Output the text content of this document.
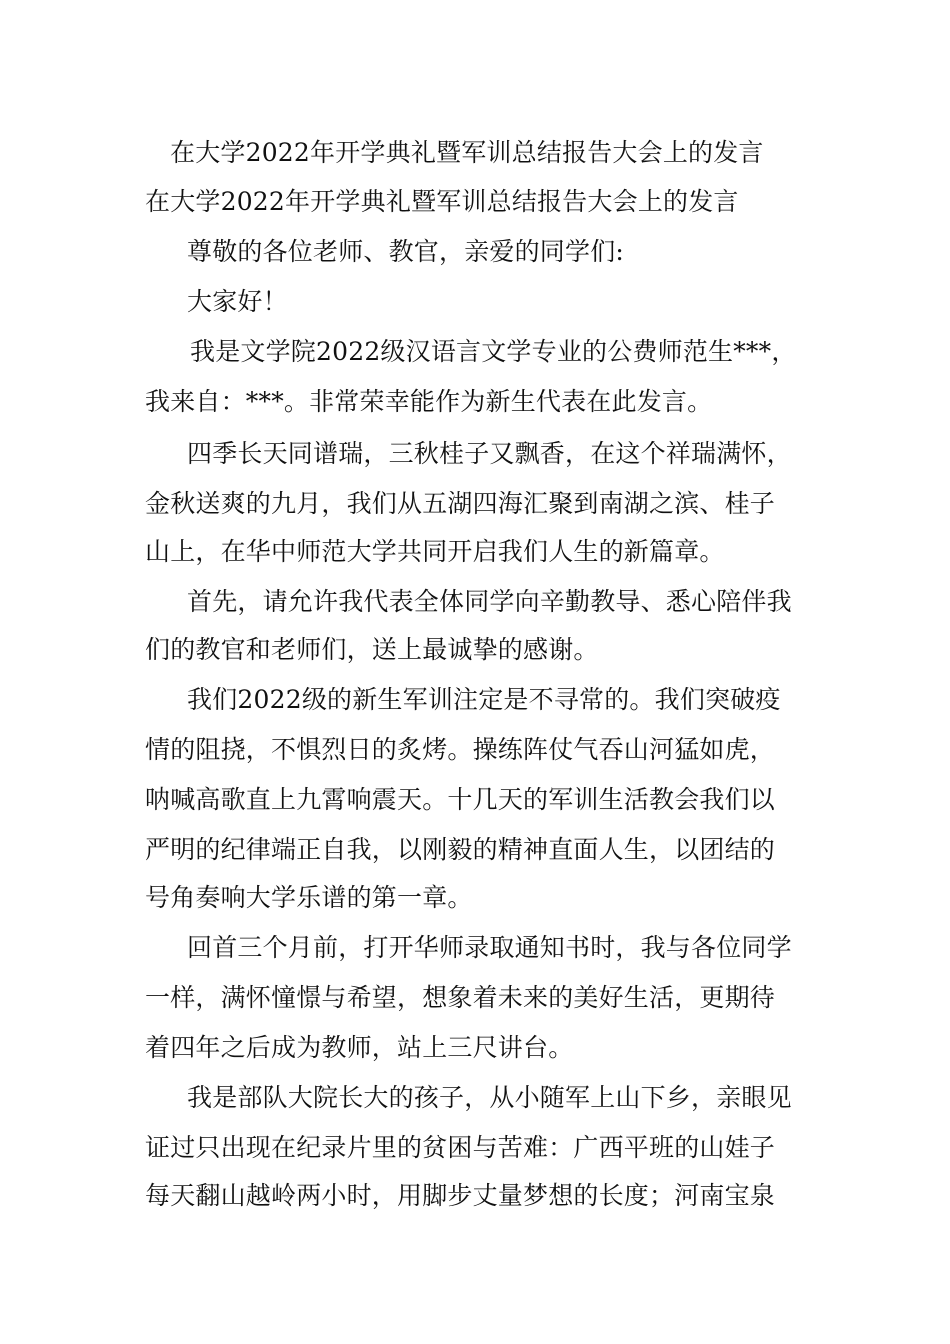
在大学2022年开学典礼暨军训总结报告大会上的发言
在大学2022年开学典礼暨军训总结报告大会上的发言
尊敬的各位老师、教官，亲爱的同学们:
大家好！
我是文学院2022级汉语言文学专业的公费师范生***，
我来自：***。非常荣幸能作为新生代表在此发言。
四季长天同谱瑞，三秋桂子又飘香，在这个祥瑞满怀，
金秋送爽的九月，我们从五湖四海汇聚到南湖之滨、桂子
山上，在华中师范大学共同开启我们人生的新篇章。
首先，请允许我代表全体同学向辛勤教导、悉心陪伴我
们的教官和老师们，送上最诚挚的感谢。
我们2022级的新生军训注定是不寻常的。我们突破疫
情的阻挠，不惧烈日的炙烤。操练阵仗气吞山河猛如虎，
呐喊高歌直上九霄响震天。十几天的军训生活教会我们以
严明的纪律端正自我，以刚毅的精神直面人生，以团结的
号角奏响大学乐谱的第一章。
回首三个月前，打开华师录取通知书时，我与各位同学
一样，满怀憧憬与希望，想象着未来的美好生活，更期待
着四年之后成为教师，站上三尺讲台。
我是部队大院长大的孩子，从小随军上山下乡，亲眼见
证过只出现在纪录片里的贫困与苦难：广西平班的山娃子
每天翻山越岭两小时，用脚步丈量梦想的长度；河南宝泉
